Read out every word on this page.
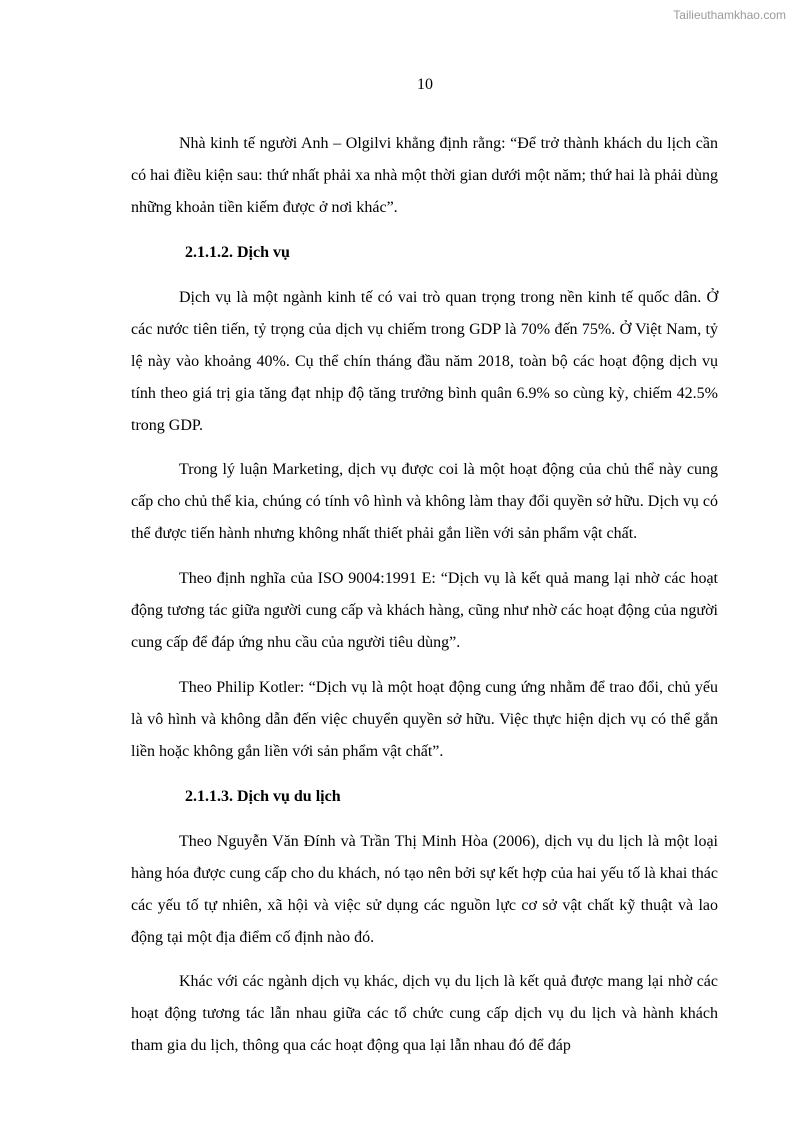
Tailieuthamkhao.com
10

Nhà kinh tế người Anh – Olgilvi khẳng định rằng: “Để trở thành khách du lịch cần có hai điều kiện sau: thứ nhất phải xa nhà một thời gian dưới một năm; thứ hai là phải dùng những khoản tiền kiếm được ở nơi khác”.

2.1.1.2. Dịch vụ

Dịch vụ là một ngành kinh tế có vai trò quan trọng trong nền kinh tế quốc dân. Ở các nước tiên tiến, tỷ trọng của dịch vụ chiếm trong GDP là 70% đến 75%. Ở Việt Nam, tỷ lệ này vào khoảng 40%. Cụ thể chín tháng đầu năm 2018, toàn bộ các hoạt động dịch vụ tính theo giá trị gia tăng đạt nhịp độ tăng trưởng bình quân 6.9% so cùng kỳ, chiếm 42.5% trong GDP.

Trong lý luận Marketing, dịch vụ được coi là một hoạt động của chủ thể này cung cấp cho chủ thể kia, chúng có tính vô hình và không làm thay đổi quyền sở hữu. Dịch vụ có thể được tiến hành nhưng không nhất thiết phải gắn liền với sản phẩm vật chất.

Theo định nghĩa của ISO 9004:1991 E: “Dịch vụ là kết quả mang lại nhờ các hoạt động tương tác giữa người cung cấp và khách hàng, cũng như nhờ các hoạt động của người cung cấp để đáp ứng nhu cầu của người tiêu dùng”.

Theo Philip Kotler: “Dịch vụ là một hoạt động cung ứng nhằm để trao đổi, chủ yếu là vô hình và không dẫn đến việc chuyển quyền sở hữu. Việc thực hiện dịch vụ có thể gắn liền hoặc không gắn liền với sản phẩm vật chất”.

2.1.1.3. Dịch vụ du lịch

Theo Nguyễn Văn Đính và Trần Thị Minh Hòa (2006), dịch vụ du lịch là một loại hàng hóa được cung cấp cho du khách, nó tạo nên bởi sự kết hợp của hai yếu tố là khai thác các yếu tố tự nhiên, xã hội và việc sử dụng các nguồn lực cơ sở vật chất kỹ thuật và lao động tại một địa điểm cố định nào đó.

Khác với các ngành dịch vụ khác, dịch vụ du lịch là kết quả được mang lại nhờ các hoạt động tương tác lẫn nhau giữa các tổ chức cung cấp dịch vụ du lịch và hành khách tham gia du lịch, thông qua các hoạt động qua lại lẫn nhau đó để đáp
